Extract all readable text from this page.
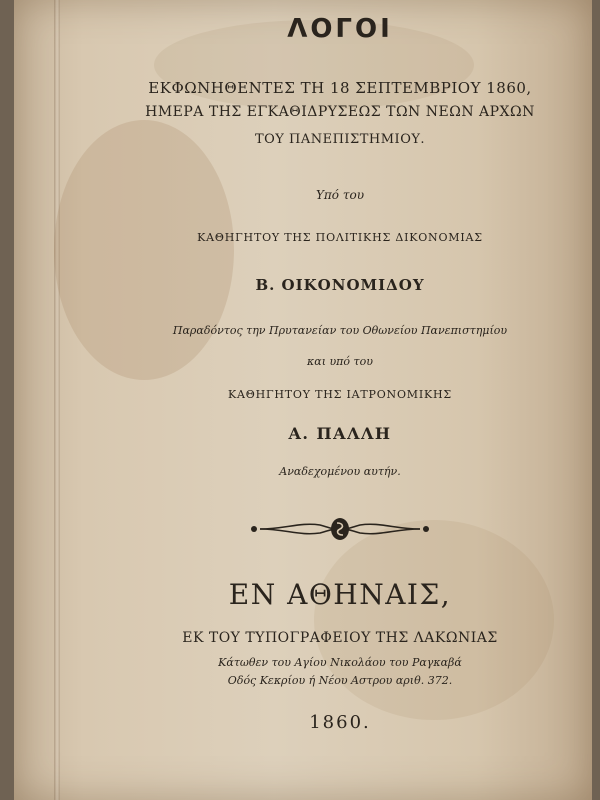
ΛΟΓΟΙ
ΕΚΦΩΝΗΘΕΝΤΕΣ ΤΗ 18 ΣΕΠΤΕΜΒΡΙΟΥ 1860,
ΗΜΕΡΑ ΤΗΣ ΕΓΚΑΘΙΔΡΥΣΕΩΣ ΤΩΝ ΝΕΩΝ ΑΡΧΩΝ
ΤΟΥ ΠΑΝΕΠΙΣΤΗΜΙΟΥ.
Υπό του
ΚΑΘΗΓΗΤΟΥ ΤΗΣ ΠΟΛΙΤΙΚΗΣ ΔΙΚΟΝΟΜΙΑΣ
Β. ΟΙΚΟΝΟΜΙΔΟΥ
Παραδόντος την Πρυτανείαν του Οθωνείου Πανεπιστημίου
και υπό του
ΚΑΘΗΓΗΤΟΥ ΤΗΣ ΙΑΤΡΟΝΟΜΙΚΗΣ
Α. ΠΑΛΛΗ
Αναδεχομένου αυτήν.
ΕΝ ΑΘΗΝΑΙΣ,
ΕΚ ΤΟΥ ΤΥΠΟΓΡΑΦΕΙΟΥ ΤΗΣ ΛΑΚΩΝΙΑΣ
Κάτωθεν του Αγίου Νικολάου του Ραγκαβά
Οδός Κεκρίου ή Νέου Αστρου αριθ. 372.
1860.
